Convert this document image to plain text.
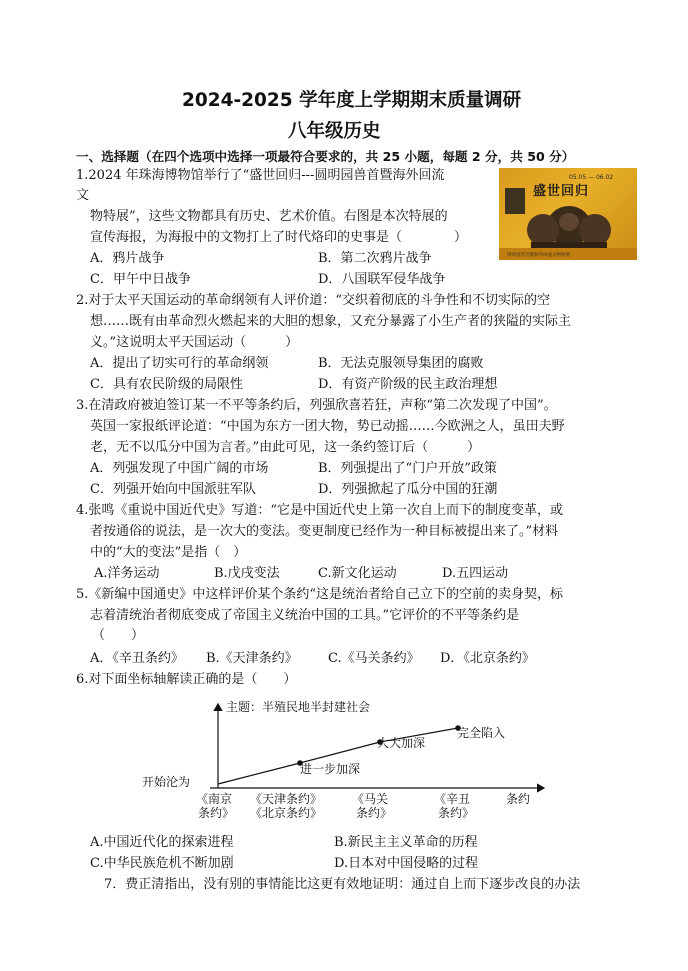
2024-2025 学年度上学期期末质量调研
八年级历史
一、选择题（在四个选项中选择一项最符合要求的，共 25 小题，每题 2 分，共 50 分）
1.2024 年珠海博物馆举行了“盛世回归---圆明园兽首暨海外回流
文
物特展”，这些文物都具有历史、艺术价值。右图是本次特展的
宣传海报，为海报中的文物打上了时代烙印的史事是（　　　　）
A．鸦片战争	B．第二次鸦片战争
C．甲午中日战争	D．八国联军侵华战争
盛世回归
05.05 — 06.02
圆明园兽首暨海外回流文物特展
2.对于太平天国运动的革命纲领有人评价道：“交织着彻底的斗争性和不切实际的空
想……既有由革命烈火燃起来的大胆的想象，又充分暴露了小生产者的狭隘的实际主
义。”这说明太平天国运动（　　　）
A．提出了切实可行的革命纲领	B．无法克服领导集团的腐败
C．具有农民阶级的局限性	D．有资产阶级的民主政治理想
3.在清政府被迫签订某一不平等条约后，列强欣喜若狂，声称“第二次发现了中国”。
英国一家报纸评论道：“中国为东方一团大物，势已动摇……今欧洲之人，虽田夫野
老，无不以瓜分中国为言者。”由此可见，这一条约签订后（　　　）
A．列强发现了中国广阔的市场	B．列强提出了“门户开放”政策
C．列强开始向中国派驻军队	D．列强掀起了瓜分中国的狂潮
4.张鸣《重说中国近代史》写道：“它是中国近代史上第一次自上而下的制度变革，或
者按通俗的说法，是一次大的变法。变更制度已经作为一种目标被提出来了。”材料
中的“大的变法”是指（　）
A.洋务运动	B.戊戌变法	C.新文化运动	D.五四运动
5.《新编中国通史》中这样评价某个条约“这是统治者给自己立下的空前的卖身契，标
志着清统治者彻底变成了帝国主义统治中国的工具。”它评价的不平等条约是
（　　）
A．《辛丑条约》 B.《天津条约》 C.《马关条约》 D．《北京条约》
6.对下面坐标轴解读正确的是（　　）
主题：半殖民地半封建社会
开始沦为
进一步加深
大大加深
完全陷入
《南京
条约》
《天津条约》
《北京条约》
《马关
条约》
《辛丑
条约》
条约
A.中国近代化的探索进程	B.新民主主义革命的历程
C.中华民族危机不断加剧	D.日本对中国侵略的过程
7．费正清指出，没有别的事情能比这更有效地证明：通过自上而下逐步改良的办法
